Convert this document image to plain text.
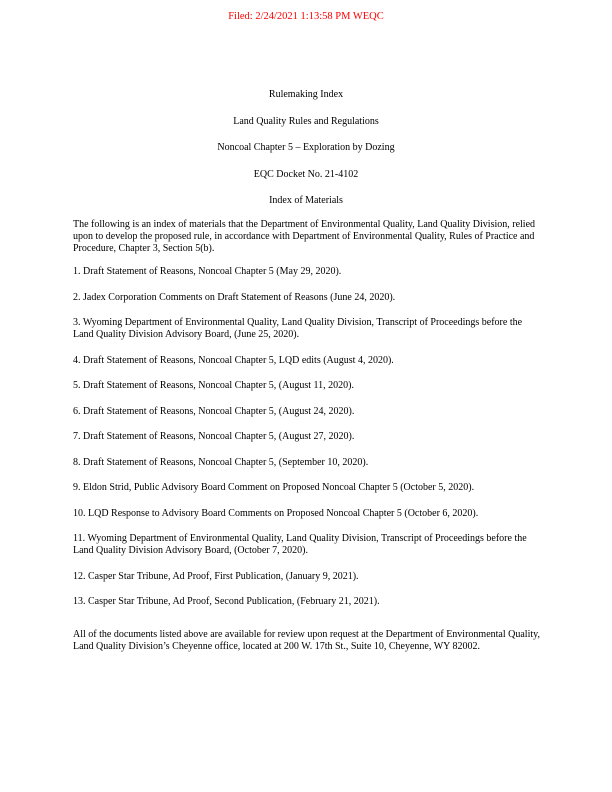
Filed: 2/24/2021 1:13:58 PM WEQC
Rulemaking Index
Land Quality Rules and Regulations
Noncoal Chapter 5 – Exploration by Dozing
EQC Docket No. 21-4102
Index of Materials

The following is an index of materials that the Department of Environmental Quality, Land Quality Division, relied upon to develop the proposed rule, in accordance with Department of Environmental Quality, Rules of Practice and Procedure, Chapter 3, Section 5(b).

1. Draft Statement of Reasons, Noncoal Chapter 5 (May 29, 2020).
2. Jadex Corporation Comments on Draft Statement of Reasons (June 24, 2020).
3. Wyoming Department of Environmental Quality, Land Quality Division, Transcript of Proceedings before the Land Quality Division Advisory Board, (June 25, 2020).
4. Draft Statement of Reasons, Noncoal Chapter 5, LQD edits (August 4, 2020).
5. Draft Statement of Reasons, Noncoal Chapter 5, (August 11, 2020).
6. Draft Statement of Reasons, Noncoal Chapter 5, (August 24, 2020).
7. Draft Statement of Reasons, Noncoal Chapter 5, (August 27, 2020).
8. Draft Statement of Reasons, Noncoal Chapter 5, (September 10, 2020).
9. Eldon Strid, Public Advisory Board Comment on Proposed Noncoal Chapter 5 (October 5, 2020).
10. LQD Response to Advisory Board Comments on Proposed Noncoal Chapter 5 (October 6, 2020).
11. Wyoming Department of Environmental Quality, Land Quality Division, Transcript of Proceedings before the Land Quality Division Advisory Board, (October 7, 2020).
12. Casper Star Tribune, Ad Proof, First Publication, (January 9, 2021).
13. Casper Star Tribune, Ad Proof, Second Publication, (February 21, 2021).

All of the documents listed above are available for review upon request at the Department of Environmental Quality, Land Quality Division’s Cheyenne office, located at 200 W. 17th St., Suite 10, Cheyenne, WY 82002.
